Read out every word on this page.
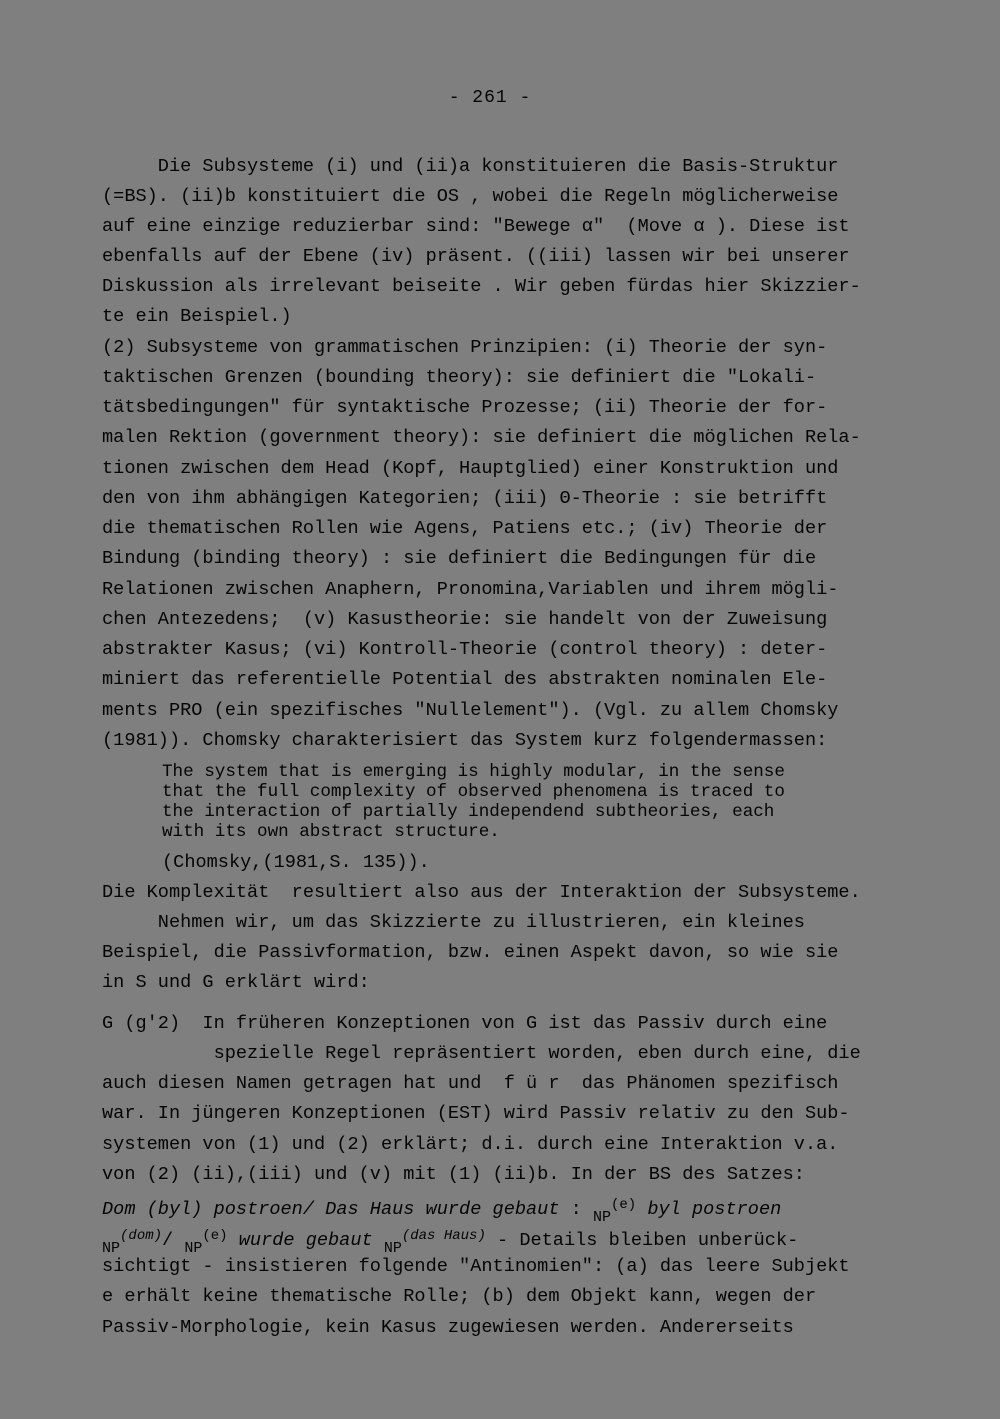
- 261 -
Die Subsysteme (i) und (ii)a konstituieren die Basis-Struktur
(=BS). (ii)b konstituiert die OS , wobei die Regeln möglicherweise
auf eine einzige reduzierbar sind: "Bewege α"  (Move α ). Diese ist
ebenfalls auf der Ebene (iv) präsent. ((iii) lassen wir bei unserer
Diskussion als irrelevant beiseite . Wir geben fürdas hier Skizzier-
te ein Beispiel.)
(2) Subsysteme von grammatischen Prinzipien: (i) Theorie der syn-
taktischen Grenzen (bounding theory): sie definiert die "Lokali-
tätsbedingungen" für syntaktische Prozesse; (ii) Theorie der for-
malen Rektion (government theory): sie definiert die möglichen Rela-
tionen zwischen dem Head (Kopf, Hauptglied) einer Konstruktion und
den von ihm abhängigen Kategorien; (iii) Θ-Theorie : sie betrifft
die thematischen Rollen wie Agens, Patiens etc.; (iv) Theorie der
Bindung (binding theory) : sie definiert die Bedingungen für die
Relationen zwischen Anaphern, Pronomina,Variablen und ihrem mögli-
chen Antezedens;  (v) Kasustheorie: sie handelt von der Zuweisung
abstrakter Kasus; (vi) Kontroll-Theorie (control theory) : deter-
miniert das referentielle Potential des abstrakten nominalen Ele-
ments PRO (ein spezifisches "Nullelement"). (Vgl. zu allem Chomsky
(1981)). Chomsky charakterisiert das System kurz folgendermassen:
The system that is emerging is highly modular, in the sense
that the full complexity of observed phenomena is traced to
the interaction of partially independend subtheories, each
with its own abstract structure.
(Chomsky,(1981,S. 135)).
Die Komplexität  resultiert also aus der Interaktion der Subsysteme.
Nehmen wir, um das Skizzierte zu illustrieren, ein kleines
Beispiel, die Passivformation, bzw. einen Aspekt davon, so wie sie
in S und G erklärt wird:
G (g'2)  In früheren Konzeptionen von G ist das Passiv durch eine
spezielle Regel repräsentiert worden, eben durch eine, die
auch diesen Namen getragen hat und  f ü r  das Phänomen spezifisch
war. In jüngeren Konzeptionen (EST) wird Passiv relativ zu den Sub-
systemen von (1) und (2) erklärt; d.i. durch eine Interaktion v.a.
von (2) (ii),(iii) und (v) mit (1) (ii)b. In der BS des Satzes:
Dom (byl) postroen/ Das Haus wurde gebaut : $_{NP}^{(e)}$ byl postroen
$_{NP}^{(dom)}$/ $_{NP}^{(e)}$ wurde gebaut $_{NP}^{(das Haus)}$ - Details bleiben unberück-
sichtigt - insistieren folgende "Antinomien": (a) das leere Subjekt
e erhält keine thematische Rolle; (b) dem Objekt kann, wegen der
Passiv-Morphologie, kein Kasus zugewiesen werden. Andererseits
